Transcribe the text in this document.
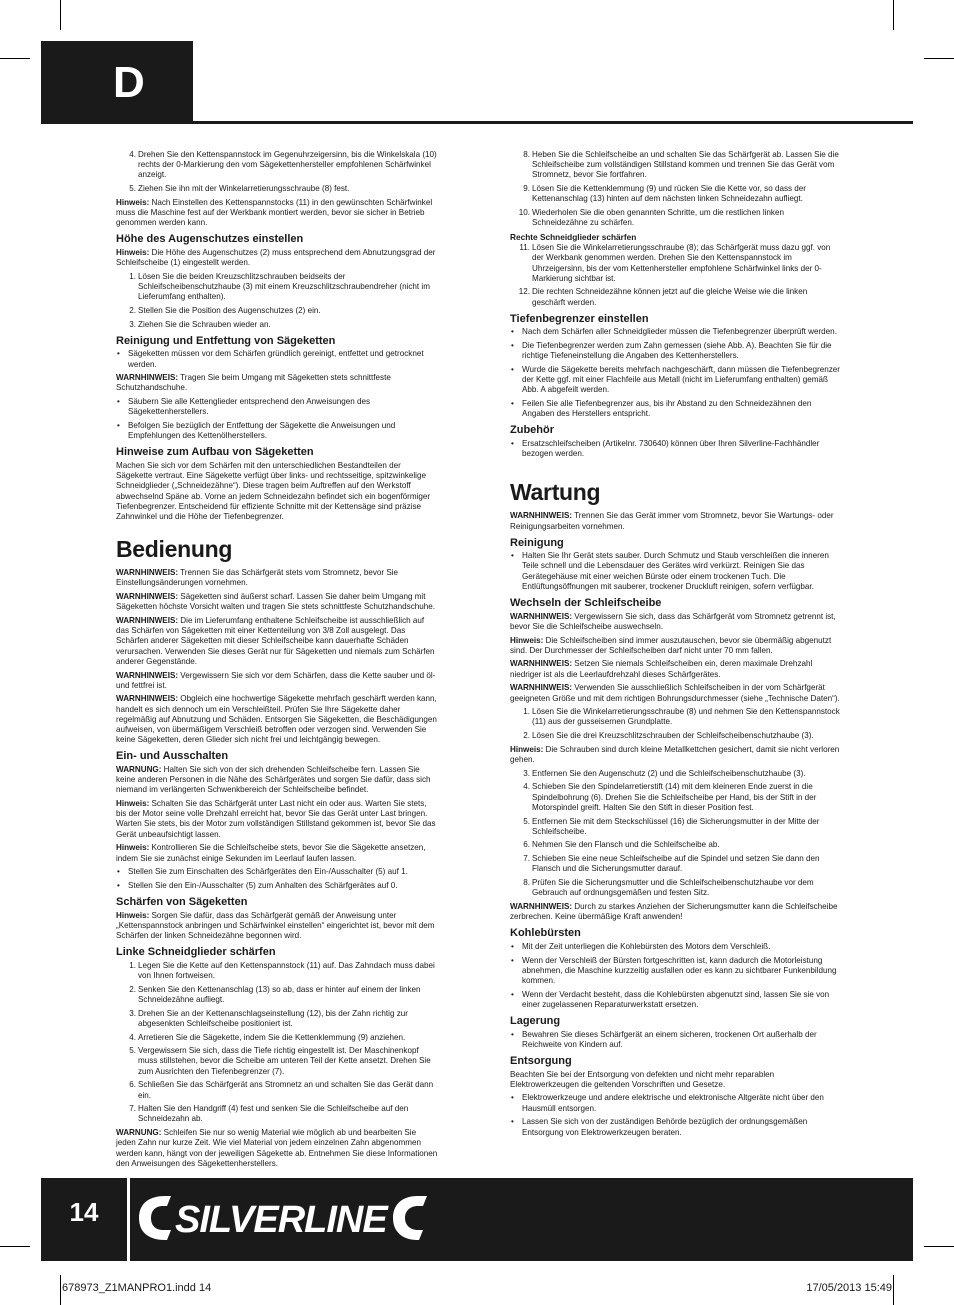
D
4. Drehen Sie den Kettenspannstock im Gegenuhrzeigersinn, bis die Winkelskala (10) rechts der 0-Markierung den vom Sägekettenhersteller empfohlenen Schärfwinkel anzeigt.
5. Ziehen Sie ihn mit der Winkelarretierungsschraube (8) fest.

Hinweis: Nach Einstellen des Kettenspannstocks (11) in den gewünschten Schärfwinkel muss die Maschine fest auf der Werkbank montiert werden, bevor sie sicher in Betrieb genommen werden kann.

Höhe des Augenschutzes einstellen

Hinweis: Die Höhe des Augenschutzes (2) muss entsprechend dem Abnutzungsgrad der Schleifscheibe (1) eingestellt werden.

1. Lösen Sie die beiden Kreuzschlitzschrauben beidseits der Schleifscheibenschutzhaube (3) mit einem Kreuzschlitzschraubendreher (nicht im Lieferumfang enthalten).
2. Stellen Sie die Position des Augenschutzes (2) ein.
3. Ziehen Sie die Schrauben wieder an.
Reinigung und Entfettung von Sägeketten
• Sägeketten müssen vor dem Schärfen gründlich gereinigt, entfettet und getrocknet werden.

WARNHINWEIS: Tragen Sie beim Umgang mit Sägeketten stets schnittfeste Schutzhandschuhe.

• Säubern Sie alle Kettenglieder entsprechend den Anweisungen des Sägekettenherstellers.
• Befolgen Sie bezüglich der Entfettung der Sägekette die Anweisungen und Empfehlungen des Kettenölherstellers.
Hinweise zum Aufbau von Sägeketten

Machen Sie sich vor dem Schärfen mit den unterschiedlichen Bestandteilen der Sägekette vertraut. Eine Sägekette verfügt über links- und rechtsseitige, spitzwinkelige Schneidglieder („Schneidezähne“). Diese tragen beim Auftreffen auf den Werkstoff abwechselnd Späne ab. Vorne an jedem Schneidezahn befindet sich ein bogenförmiger Tiefenbegrenzer. Entscheidend für effiziente Schnitte mit der Kettensäge sind präzise Zahnwinkel und die Höhe der Tiefenbegrenzer.

Bedienung

WARNHINWEIS: Trennen Sie das Schärfgerät stets vom Stromnetz, bevor Sie Einstellungsänderungen vornehmen.

WARNHINWEIS: Sägeketten sind äußerst scharf. Lassen Sie daher beim Umgang mit Sägeketten höchste Vorsicht walten und tragen Sie stets schnittfeste Schutzhandschuhe.

WARNHINWEIS: Die im Lieferumfang enthaltene Schleifscheibe ist ausschließlich auf das Schärfen von Sägeketten mit einer Kettenteilung von 3/8 Zoll ausgelegt. Das Schärfen anderer Sägeketten mit dieser Schleifscheibe kann dauerhafte Schäden verursachen. Verwenden Sie dieses Gerät nur für Sägeketten und niemals zum Schärfen anderer Gegenstände.

WARNHINWEIS: Vergewissern Sie sich vor dem Schärfen, dass die Kette sauber und öl- und fettfrei ist.

WARNHINWEIS: Obgleich eine hochwertige Sägekette mehrfach geschärft werden kann, handelt es sich dennoch um ein Verschleißteil. Prüfen Sie Ihre Sägekette daher regelmäßig auf Abnutzung und Schäden. Entsorgen Sie Sägeketten, die Beschädigungen aufweisen, von übermäßigem Verschleiß betroffen oder verzogen sind. Verwenden Sie keine Sägeketten, deren Glieder sich nicht frei und leichtgängig bewegen.

Ein- und Ausschalten

WARNUNG: Halten Sie sich von der sich drehenden Schleifscheibe fern. Lassen Sie keine anderen Personen in die Nähe des Schärfgerätes und sorgen Sie dafür, dass sich niemand im verlängerten Schwenkbereich der Schleifscheibe befindet.

Hinweis: Schalten Sie das Schärfgerät unter Last nicht ein oder aus. Warten Sie stets, bis der Motor seine volle Drehzahl erreicht hat, bevor Sie das Gerät unter Last bringen. Warten Sie stets, bis der Motor zum vollständigen Stillstand gekommen ist, bevor Sie das Gerät unbeaufsichtigt lassen.

Hinweis: Kontrollieren Sie die Schleifscheibe stets, bevor Sie die Sägekette ansetzen, indem Sie sie zunächst einige Sekunden im Leerlauf laufen lassen.

• Stellen Sie zum Einschalten des Schärfgerätes den Ein-/Ausschalter (5) auf 1.
• Stellen Sie den Ein-/Ausschalter (5) zum Anhalten des Schärfgerätes auf 0.
Schärfen von Sägeketten

Hinweis: Sorgen Sie dafür, dass das Schärfgerät gemäß der Anweisung unter „Kettenspannstock anbringen und Schärfwinkel einstellen“ eingerichtet ist, bevor mit dem Schärfen der linken Schneidezähne begonnen wird.

Linke Schneidglieder schärfen
1. Legen Sie die Kette auf den Kettenspannstock (11) auf. Das Zahndach muss dabei von Ihnen fortweisen.
2. Senken Sie den Kettenanschlag (13) so ab, dass er hinter auf einem der linken Schneidezähne aufliegt.
3. Drehen Sie an der Kettenanschlagseinstellung (12), bis der Zahn richtig zur abgesenkten Schleifscheibe positioniert ist.
4. Arretieren Sie die Sägekette, indem Sie die Kettenklemmung (9) anziehen.
5. Vergewissern Sie sich, dass die Tiefe richtig eingestellt ist. Der Maschinenkopf muss stillstehen, bevor die Scheibe am unteren Teil der Kette ansetzt. Drehen Sie zum Ausrichten den Tiefenbegrenzer (7).
6. Schließen Sie das Schärfgerät ans Stromnetz an und schalten Sie das Gerät dann ein.
7. Halten Sie den Handgriff (4) fest und senken Sie die Schleifscheibe auf den Schneidezahn ab.

WARNUNG: Schleifen Sie nur so wenig Material wie möglich ab und bearbeiten Sie jeden Zahn nur kurze Zeit. Wie viel Material von jedem einzelnen Zahn abgenommen werden kann, hängt von der jeweiligen Sägekette ab. Entnehmen Sie diese Informationen den Anweisungen des Sägekettenherstellers.

8. Heben Sie die Schleifscheibe an und schalten Sie das Schärfgerät ab. Lassen Sie die Schleifscheibe zum vollständigen Stillstand kommen und trennen Sie das Gerät vom Stromnetz, bevor Sie fortfahren.
9. Lösen Sie die Kettenklemmung (9) und rücken Sie die Kette vor, so dass der Kettenanschlag (13) hinten auf dem nächsten linken Schneidezahn aufliegt.
10. Wiederholen Sie die oben genannten Schritte, um die restlichen linken Schneidezähne zu schärfen.
Rechte Schneidglieder schärfen
11. Lösen Sie die Winkelarretierungsschraube (8); das Schärfgerät muss dazu ggf. von der Werkbank genommen werden. Drehen Sie den Kettenspannstock im Uhrzeigersinn, bis der vom Kettenhersteller empfohlene Schärfwinkel links der 0-Markierung sichtbar ist.
12. Die rechten Schneidezähne können jetzt auf die gleiche Weise wie die linken geschärft werden.
Tiefenbegrenzer einstellen
• Nach dem Schärfen aller Schneidglieder müssen die Tiefenbegrenzer überprüft werden.
• Die Tiefenbegrenzer werden zum Zahn gemessen (siehe Abb. A). Beachten Sie für die richtige Tiefeneinstellung die Angaben des Kettenherstellers.
• Wurde die Sägekette bereits mehrfach nachgeschärft, dann müssen die Tiefenbegrenzer der Kette ggf. mit einer Flachfeile aus Metall (nicht im Lieferumfang enthalten) gemäß Abb. A abgefeilt werden.
• Feilen Sie alle Tiefenbegrenzer aus, bis ihr Abstand zu den Schneidezähnen den Angaben des Herstellers entspricht.
Zubehör
• Ersatzschleifscheiben (Artikelnr. 730640) können über Ihren Silverline-Fachhändler bezogen werden.
Wartung

WARNHINWEIS: Trennen Sie das Gerät immer vom Stromnetz, bevor Sie Wartungs- oder Reinigungsarbeiten vornehmen.

Reinigung
• Halten Sie Ihr Gerät stets sauber. Durch Schmutz und Staub verschleißen die inneren Teile schnell und die Lebensdauer des Gerätes wird verkürzt. Reinigen Sie das Gerätegehäuse mit einer weichen Bürste oder einem trockenen Tuch. Die Entlüftungsöffnungen mit sauberer, trockener Druckluft reinigen, sofern verfügbar.
Wechseln der Schleifscheibe

WARNHINWEIS: Vergewissern Sie sich, dass das Schärfgerät vom Stromnetz getrennt ist, bevor Sie die Schleifscheibe auswechseln.

Hinweis: Die Schleifscheiben sind immer auszutauschen, bevor sie übermäßig abgenutzt sind. Der Durchmesser der Schleifscheiben darf nicht unter 70 mm fallen.

WARNHINWEIS: Setzen Sie niemals Schleifscheiben ein, deren maximale Drehzahl niedriger ist als die Leerlaufdrehzahl dieses Schärfgerätes.

WARNHINWEIS: Verwenden Sie ausschließlich Schleifscheiben in der vom Schärfgerät geeigneten Größe und mit dem richtigen Bohrungsdurchmesser (siehe „Technische Daten“).

1. Lösen Sie die Winkelarretierungsschraube (8) und nehmen Sie den Kettenspannstock (11) aus der gusseisernen Grundplatte.
2. Lösen Sie die drei Kreuzschlitzschrauben der Schleifscheibenschutzhaube (3).

Hinweis: Die Schrauben sind durch kleine Metallkettchen gesichert, damit sie nicht verloren gehen.

3. Entfernen Sie den Augenschutz (2) und die Schleifscheibenschutzhaube (3).
4. Schieben Sie den Spindelarretierstift (14) mit dem kleineren Ende zuerst in die Spindelbohrung (6). Drehen Sie die Schleifscheibe per Hand, bis der Stift in der Motorspindel greift. Halten Sie den Stift in dieser Position fest.
5. Entfernen Sie mit dem Steckschlüssel (16) die Sicherungsmutter in der Mitte der Schleifscheibe.
6. Nehmen Sie den Flansch und die Schleifscheibe ab.
7. Schieben Sie eine neue Schleifscheibe auf die Spindel und setzen Sie dann den Flansch und die Sicherungsmutter darauf.
8. Prüfen Sie die Sicherungsmutter und die Schleifscheibenschutzhaube vor dem Gebrauch auf ordnungsgemäßen und festen Sitz.

WARNHINWEIS: Durch zu starkes Anziehen der Sicherungsmutter kann die Schleifscheibe zerbrechen. Keine übermäßige Kraft anwenden!

Kohlebürsten
• Mit der Zeit unterliegen die Kohlebürsten des Motors dem Verschleiß.
• Wenn der Verschleiß der Bürsten fortgeschritten ist, kann dadurch die Motorleistung abnehmen, die Maschine kurzzeitig ausfallen oder es kann zu sichtbarer Funkenbildung kommen.
• Wenn der Verdacht besteht, dass die Kohlebürsten abgenutzt sind, lassen Sie sie von einer zugelassenen Reparaturwerkstatt ersetzen.
Lagerung
• Bewahren Sie dieses Schärfgerät an einem sicheren, trockenen Ort außerhalb der Reichweite von Kindern auf.
Entsorgung

Beachten Sie bei der Entsorgung von defekten und nicht mehr reparablen Elektrowerkzeugen die geltenden Vorschriften und Gesetze.

• Elektrowerkzeuge und andere elektrische und elektronische Altgeräte nicht über den Hausmüll entsorgen.
• Lassen Sie sich von der zuständigen Behörde bezüglich der ordnungsgemäßen Entsorgung von Elektrowerkzeugen beraten.
14	SILVERLINE	®
678973_Z1MANPRO1.indd 14	17/05/2013 15:49
